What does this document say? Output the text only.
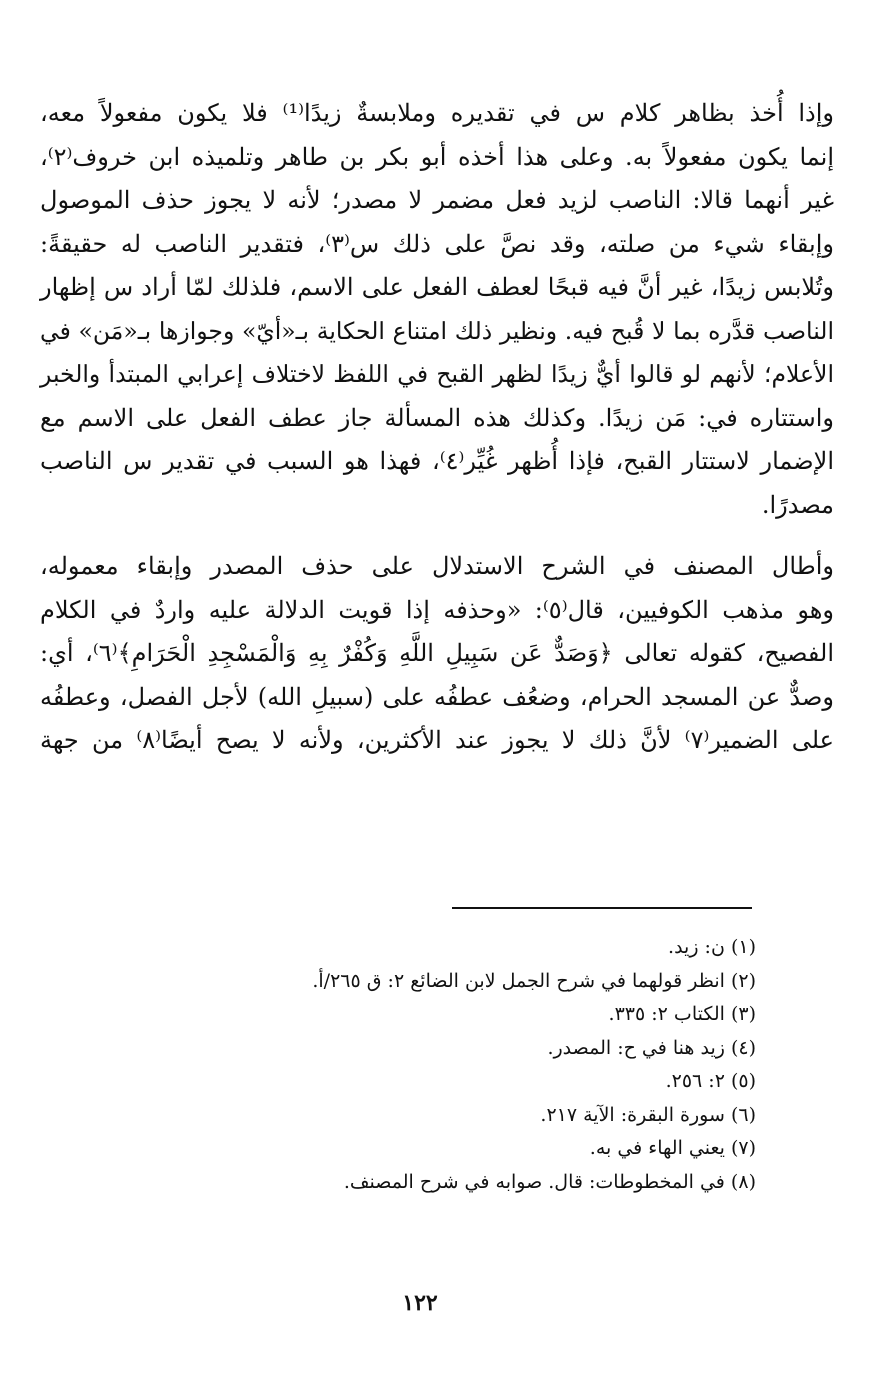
وإذا أُخذ بظاهر كلام س في تقديره وملابسةٌ زيدًا⁽¹⁾ فلا يكون مفعولاً معه،
إنما يكون مفعولاً به. وعلى هذا أخذه أبو بكر بن طاهر وتلميذه ابن خروف⁽٢⁾،
غير أنهما قالا: الناصب لزيد فعل مضمر لا مصدر؛ لأنه لا يجوز حذف الموصول
وإبقاء شيء من صلته، وقد نصَّ على ذلك س⁽٣⁾، فتقدير الناصب له حقيقةً:
وتُلابس زيدًا، غير أنَّ فيه قبحًا لعطف الفعل على الاسم، فلذلك لمّا أراد س إظهار
الناصب قدَّره بما لا قُبح فيه. ونظير ذلك امتناع الحكاية بـ«أيّ» وجوازها بـ«مَن» في
الأعلام؛ لأنهم لو قالوا أيٌّ زيدًا لظهر القبح في اللفظ لاختلاف إعرابي المبتدأ والخبر
واستتاره في: مَن زيدًا. وكذلك هذه المسألة جاز عطف الفعل على الاسم مع
الإضمار لاستتار القبح، فإذا أُظهر غُيِّر⁽٤⁾، فهذا هو السبب في تقدير س الناصب
مصدرًا.
وأطال المصنف في الشرح الاستدلال على حذف المصدر وإبقاء معموله،
وهو مذهب الكوفيين، قال⁽٥⁾: «وحذفه إذا قويت الدلالة عليه واردٌ في الكلام
الفصيح، كقوله تعالى ﴿وَصَدٌّ عَن سَبِيلِ اللَّهِ وَكُفْرٌ بِهِ وَالْمَسْجِدِ الْحَرَامِ﴾⁽٦⁾، أي:
وصدٌّ عن المسجد الحرام، وضعُف عطفُه على (سبيلِ الله) لأجل الفصل، وعطفُه
على الضمير⁽٧⁾ لأنَّ ذلك لا يجوز عند الأكثرين، ولأنه لا يصح أيضًا⁽٨⁾ من جهة
(١) ن: زيد.
(٢) انظر قولهما في شرح الجمل لابن الضائع ٢: ق ٢٦٥/أ.
(٣) الكتاب ٢: ٣٣٥.
(٤) زيد هنا في ح: المصدر.
(٥) ٢: ٢٥٦.
(٦) سورة البقرة: الآية ٢١٧.
(٧) يعني الهاء في به.
(٨) في المخطوطات: قال. صوابه في شرح المصنف.
١٢٢
